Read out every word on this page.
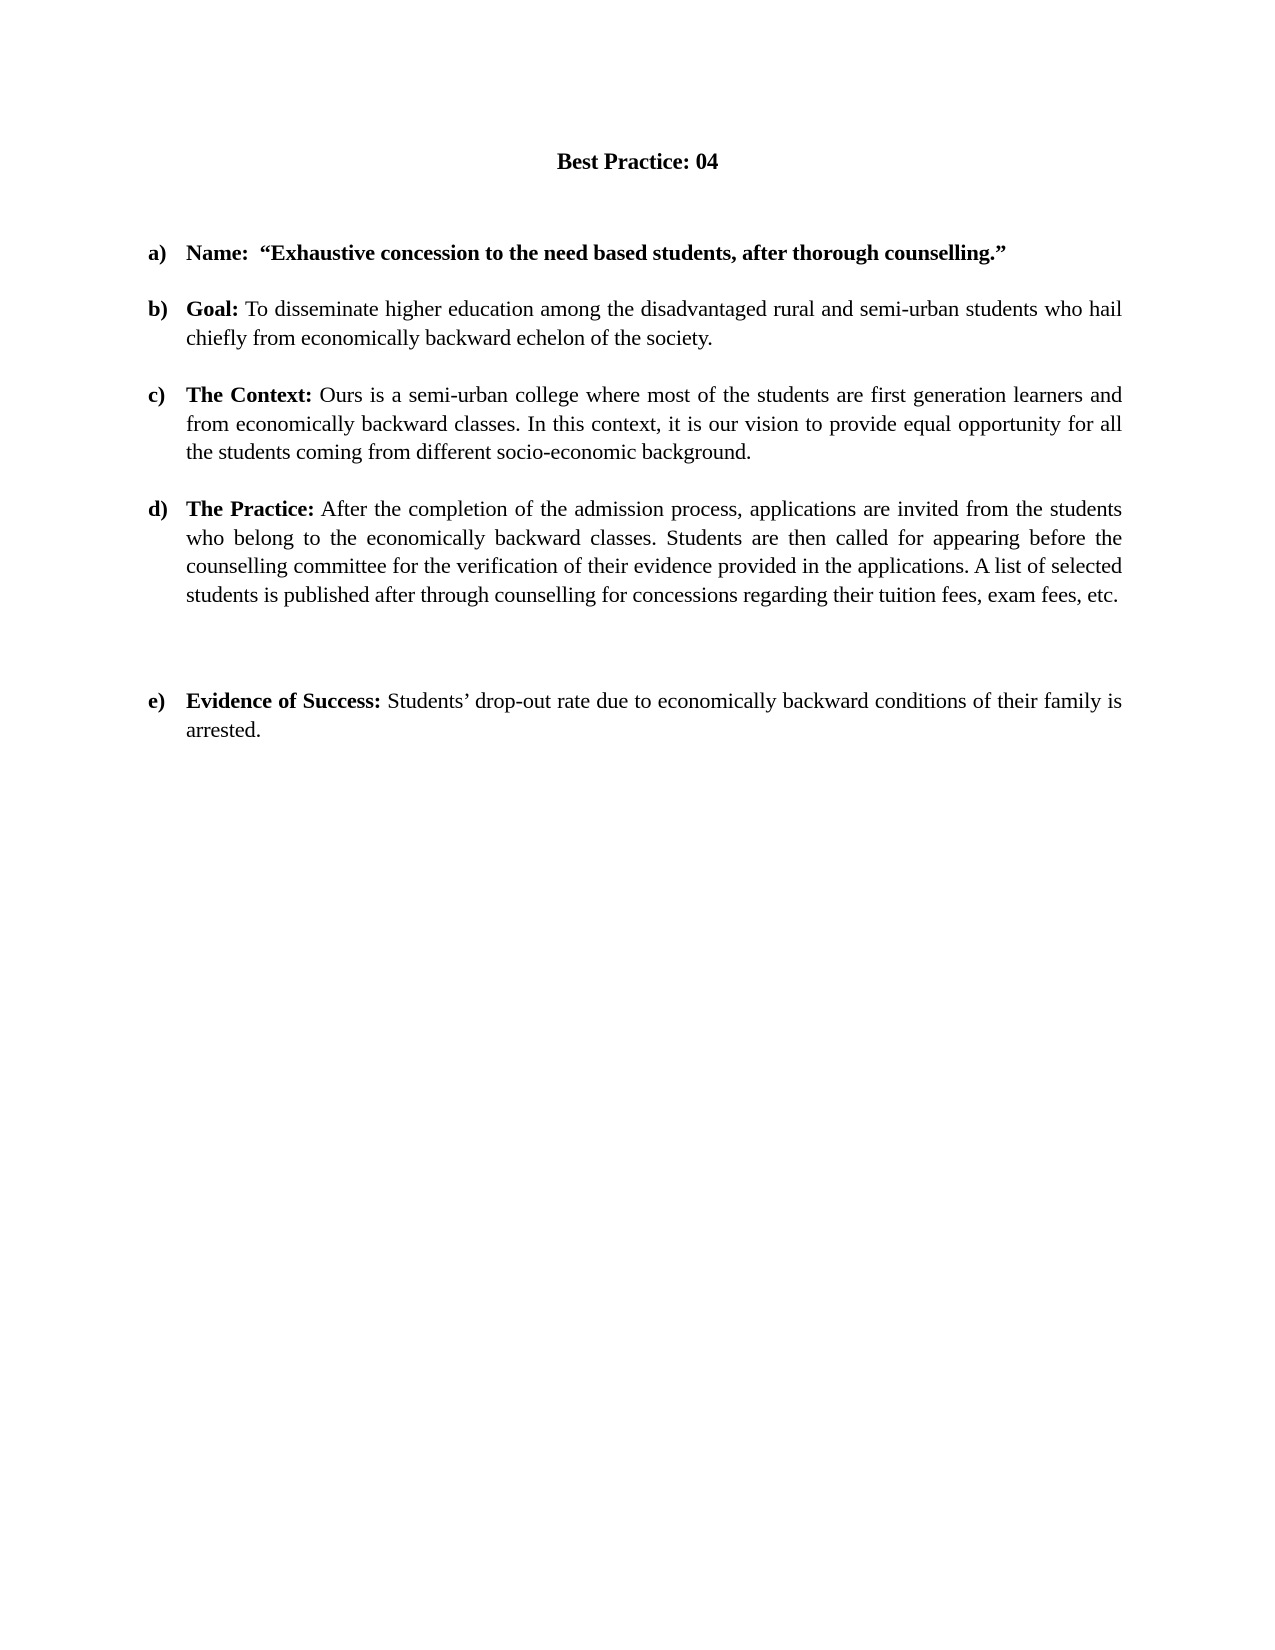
Best Practice: 04
a) Name: “Exhaustive concession to the need based students, after thorough counselling.”
b) Goal: To disseminate higher education among the disadvantaged rural and semi-urban students who hail chiefly from economically backward echelon of the society.
c) The Context: Ours is a semi-urban college where most of the students are first generation learners and from economically backward classes. In this context, it is our vision to provide equal opportunity for all the students coming from different socio-economic background.
d) The Practice: After the completion of the admission process, applications are invited from the students who belong to the economically backward classes. Students are then called for appearing before the counselling committee for the verification of their evidence provided in the applications. A list of selected students is published after through counselling for concessions regarding their tuition fees, exam fees, etc.
e) Evidence of Success: Students’ drop-out rate due to economically backward conditions of their family is arrested.
